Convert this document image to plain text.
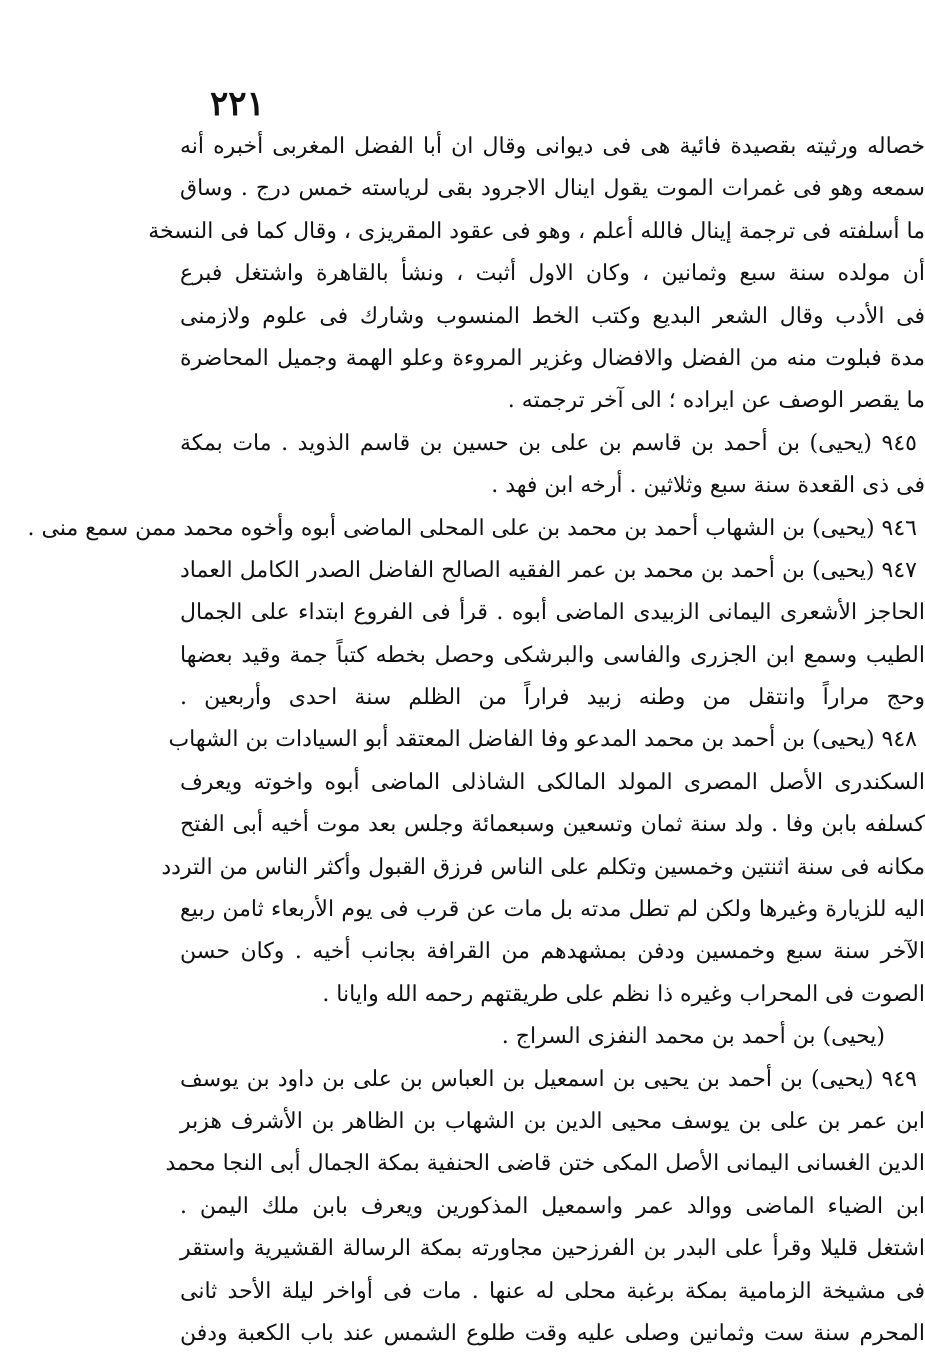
٢٢١
خصاله ورثيته بقصيدة فائية هى فى ديوانى وقال ان أبا الفضل المغربى أخبره أنه
سمعه وهو فى غمرات الموت يقول اينال الاجرود بقى لرياسته خمس درج . وساق
ما أسلفته فى ترجمة إينال فالله أعلم ، وهو فى عقود المقريزى ، وقال كما فى النسخة
أن مولده سنة سبع وثمانين ، وكان الاول أثبت ، ونشأ بالقاهرة واشتغل فبرع
فى الأدب وقال الشعر البديع وكتب الخط المنسوب وشارك فى علوم ولازمنى
مدة فبلوت منه من الفضل والافضال وغزير المروءة وعلو الهمة وجميل المحاضرة
ما يقصر الوصف عن ايراده ؛ الى آخر ترجمته .
٩٤٥ (يحيى) بن أحمد بن قاسم بن على بن حسين بن قاسم الذويد . مات بمكة
فى ذى القعدة سنة سبع وثلاثين . أرخه ابن فهد .
٩٤٦ (يحيى) بن الشهاب أحمد بن محمد بن على المحلى الماضى أبوه وأخوه محمد ممن سمع منى .
٩٤٧ (يحيى) بن أحمد بن محمد بن عمر الفقيه الصالح الفاضل الصدر الكامل العماد
الحاجز الأشعرى اليمانى الزبيدى الماضى أبوه . قرأ فى الفروع ابتداء على الجمال
الطيب وسمع ابن الجزرى والفاسى والبرشكى وحصل بخطه كتباً جمة وقيد بعضها
وحج مراراً وانتقل من وطنه زبيد فراراً من الظلم سنة احدى وأربعين .
٩٤٨ (يحيى) بن أحمد بن محمد المدعو وفا الفاضل المعتقد أبو السيادات بن الشهاب
السكندرى الأصل المصرى المولد المالكى الشاذلى الماضى أبوه واخوته ويعرف
كسلفه بابن وفا . ولد سنة ثمان وتسعين وسبعمائة وجلس بعد موت أخيه أبى الفتح
مكانه فى سنة اثنتين وخمسين وتكلم على الناس فرزق القبول وأكثر الناس من التردد
اليه للزيارة وغيرها ولكن لم تطل مدته بل مات عن قرب فى يوم الأربعاء ثامن ربيع
الآخر سنة سبع وخمسين ودفن بمشهدهم من القرافة بجانب أخيه . وكان حسن
الصوت فى المحراب وغيره ذا نظم على طريقتهم رحمه الله وايانا .
(يحيى) بن أحمد بن محمد النفزى السراج .
٩٤٩ (يحيى) بن أحمد بن يحيى بن اسمعيل بن العباس بن على بن داود بن يوسف
ابن عمر بن على بن يوسف محيى الدين بن الشهاب بن الظاهر بن الأشرف هزبر
الدين الغسانى اليمانى الأصل المكى ختن قاضى الحنفية بمكة الجمال أبى النجا محمد
ابن الضياء الماضى ووالد عمر واسمعيل المذكورين ويعرف بابن ملك اليمن .
اشتغل قليلا وقرأ على البدر بن الفرزحين مجاورته بمكة الرسالة القشيرية واستقر
فى مشيخة الزمامية بمكة برغبة محلى له عنها . مات فى أواخر ليلة الأحد ثانى
المحرم سنة ست وثمانين وصلى عليه وقت طلوع الشمس عند باب الكعبة ودفن
